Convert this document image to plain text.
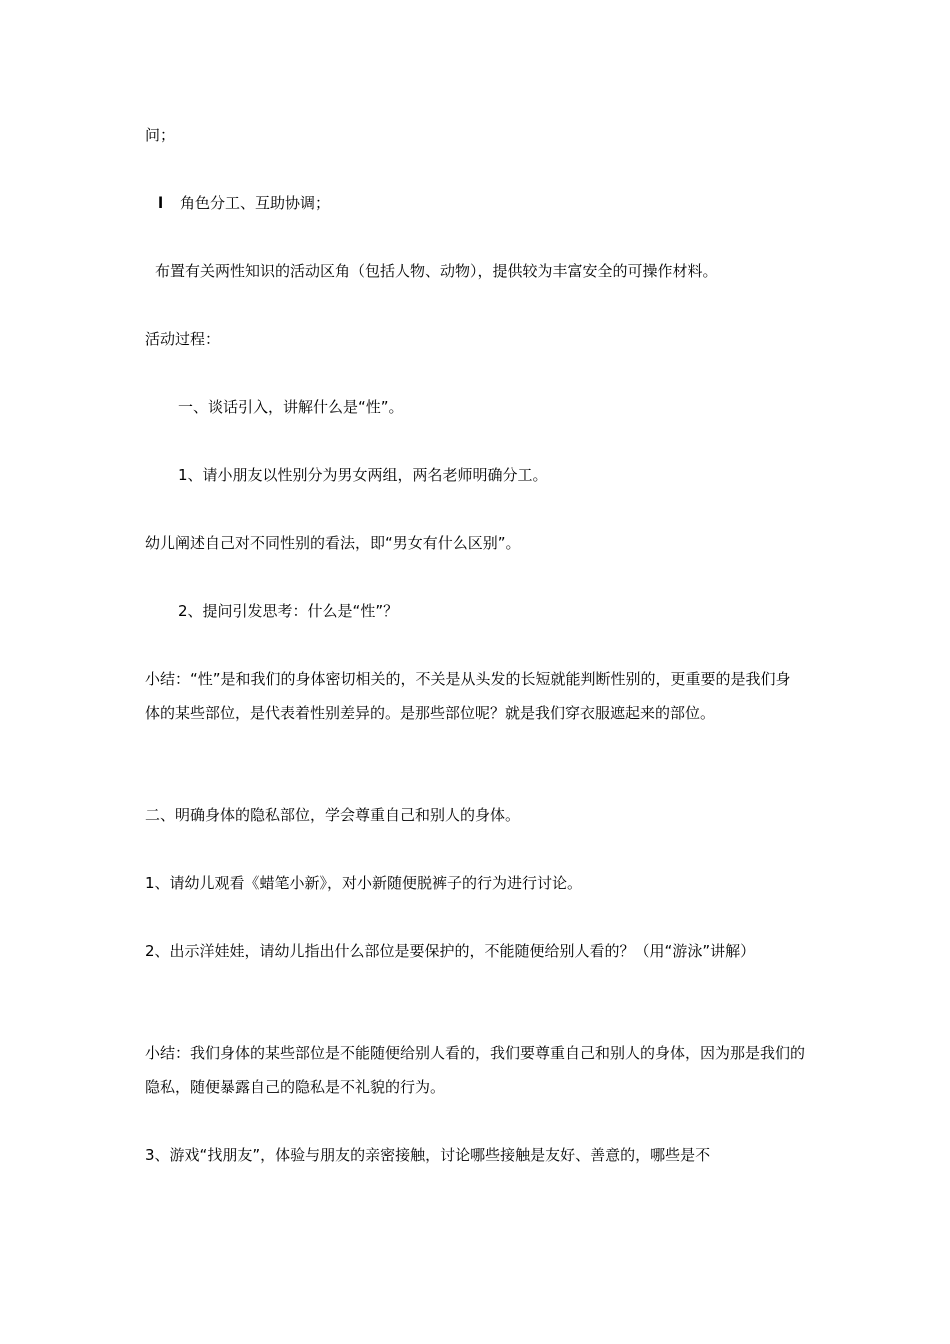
问；

l 角色分工、互助协调；

布置有关两性知识的活动区角（包括人物、动物），提供较为丰富安全的可操作材料。

活动过程：

一、谈话引入，讲解什么是“性”。

1、请小朋友以性别分为男女两组，两名老师明确分工。

幼儿阐述自己对不同性别的看法，即“男女有什么区别”。

2、提问引发思考：什么是“性”？

小结：“性”是和我们的身体密切相关的，不关是从头发的长短就能判断性别的，更重要的是我们身体的某些部位，是代表着性别差异的。是那些部位呢？就是我们穿衣服遮起来的部位。

二、明确身体的隐私部位，学会尊重自己和别人的身体。

1、请幼儿观看《蜡笔小新》，对小新随便脱裤子的行为进行讨论。

2、出示洋娃娃，请幼儿指出什么部位是要保护的，不能随便给别人看的？（用“游泳”讲解）

小结：我们身体的某些部位是不能随便给别人看的，我们要尊重自己和别人的身体，因为那是我们的隐私，随便暴露自己的隐私是不礼貌的行为。

3、游戏“找朋友”，体验与朋友的亲密接触，讨论哪些接触是友好、善意的，哪些是不
